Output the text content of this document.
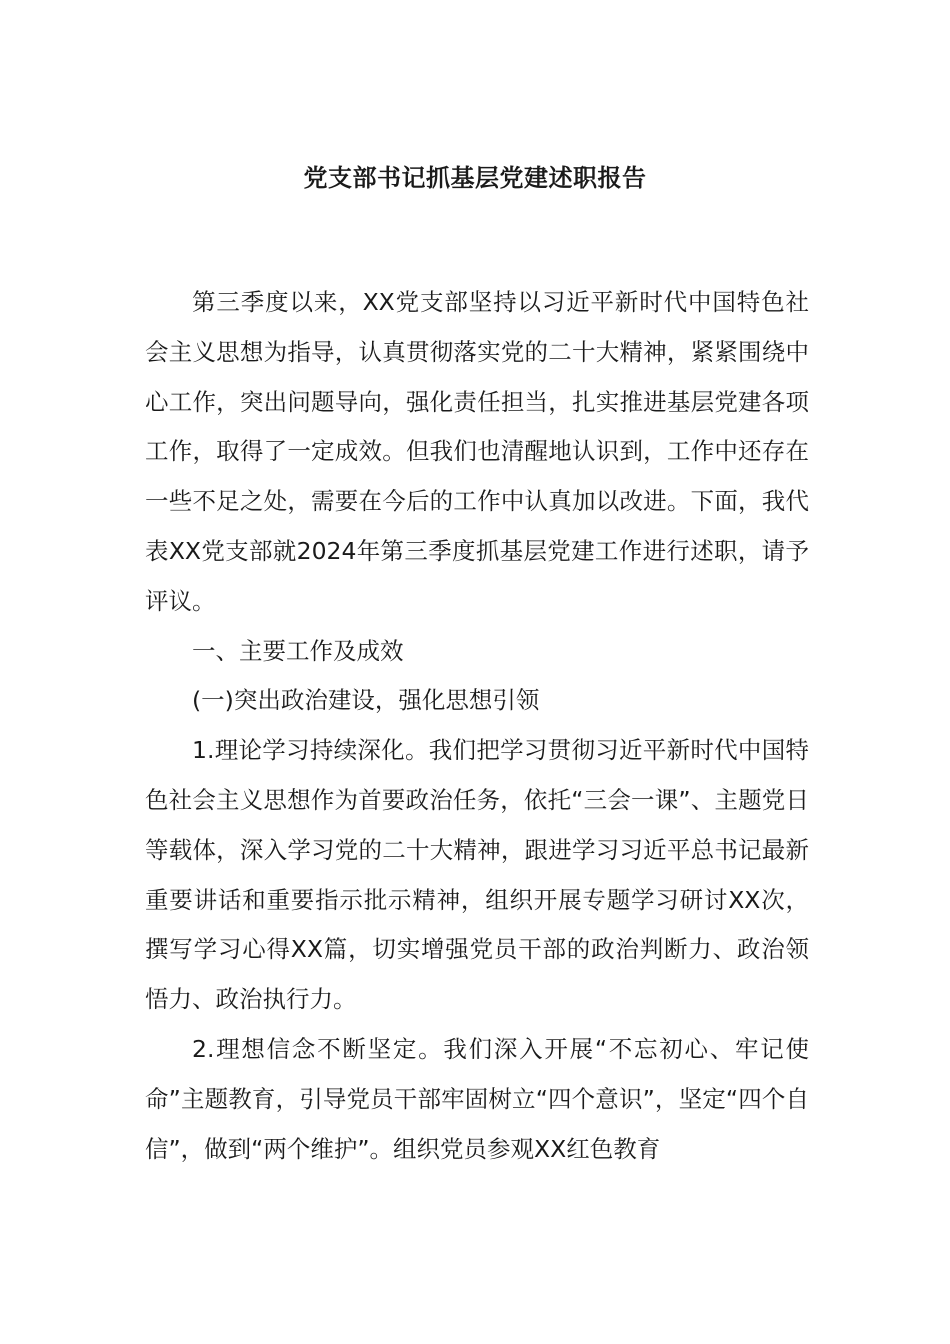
党支部书记抓基层党建述职报告

第三季度以来，XX党支部坚持以习近平新时代中国特色社会主义思想为指导，认真贯彻落实党的二十大精神，紧紧围绕中心工作，突出问题导向，强化责任担当，扎实推进基层党建各项工作，取得了一定成效。但我们也清醒地认识到，工作中还存在一些不足之处，需要在今后的工作中认真加以改进。下面，我代表XX党支部就2024年第三季度抓基层党建工作进行述职，请予评议。

一、主要工作及成效

(一)突出政治建设，强化思想引领

1.理论学习持续深化。我们把学习贯彻习近平新时代中国特色社会主义思想作为首要政治任务，依托“三会一课”、主题党日等载体，深入学习党的二十大精神，跟进学习习近平总书记最新重要讲话和重要指示批示精神，组织开展专题学习研讨XX次，撰写学习心得XX篇，切实增强党员干部的政治判断力、政治领悟力、政治执行力。

2.理想信念不断坚定。我们深入开展“不忘初心、牢记使命”主题教育，引导党员干部牢固树立“四个意识”，坚定“四个自信”，做到“两个维护”。组织党员参观XX红色教育
